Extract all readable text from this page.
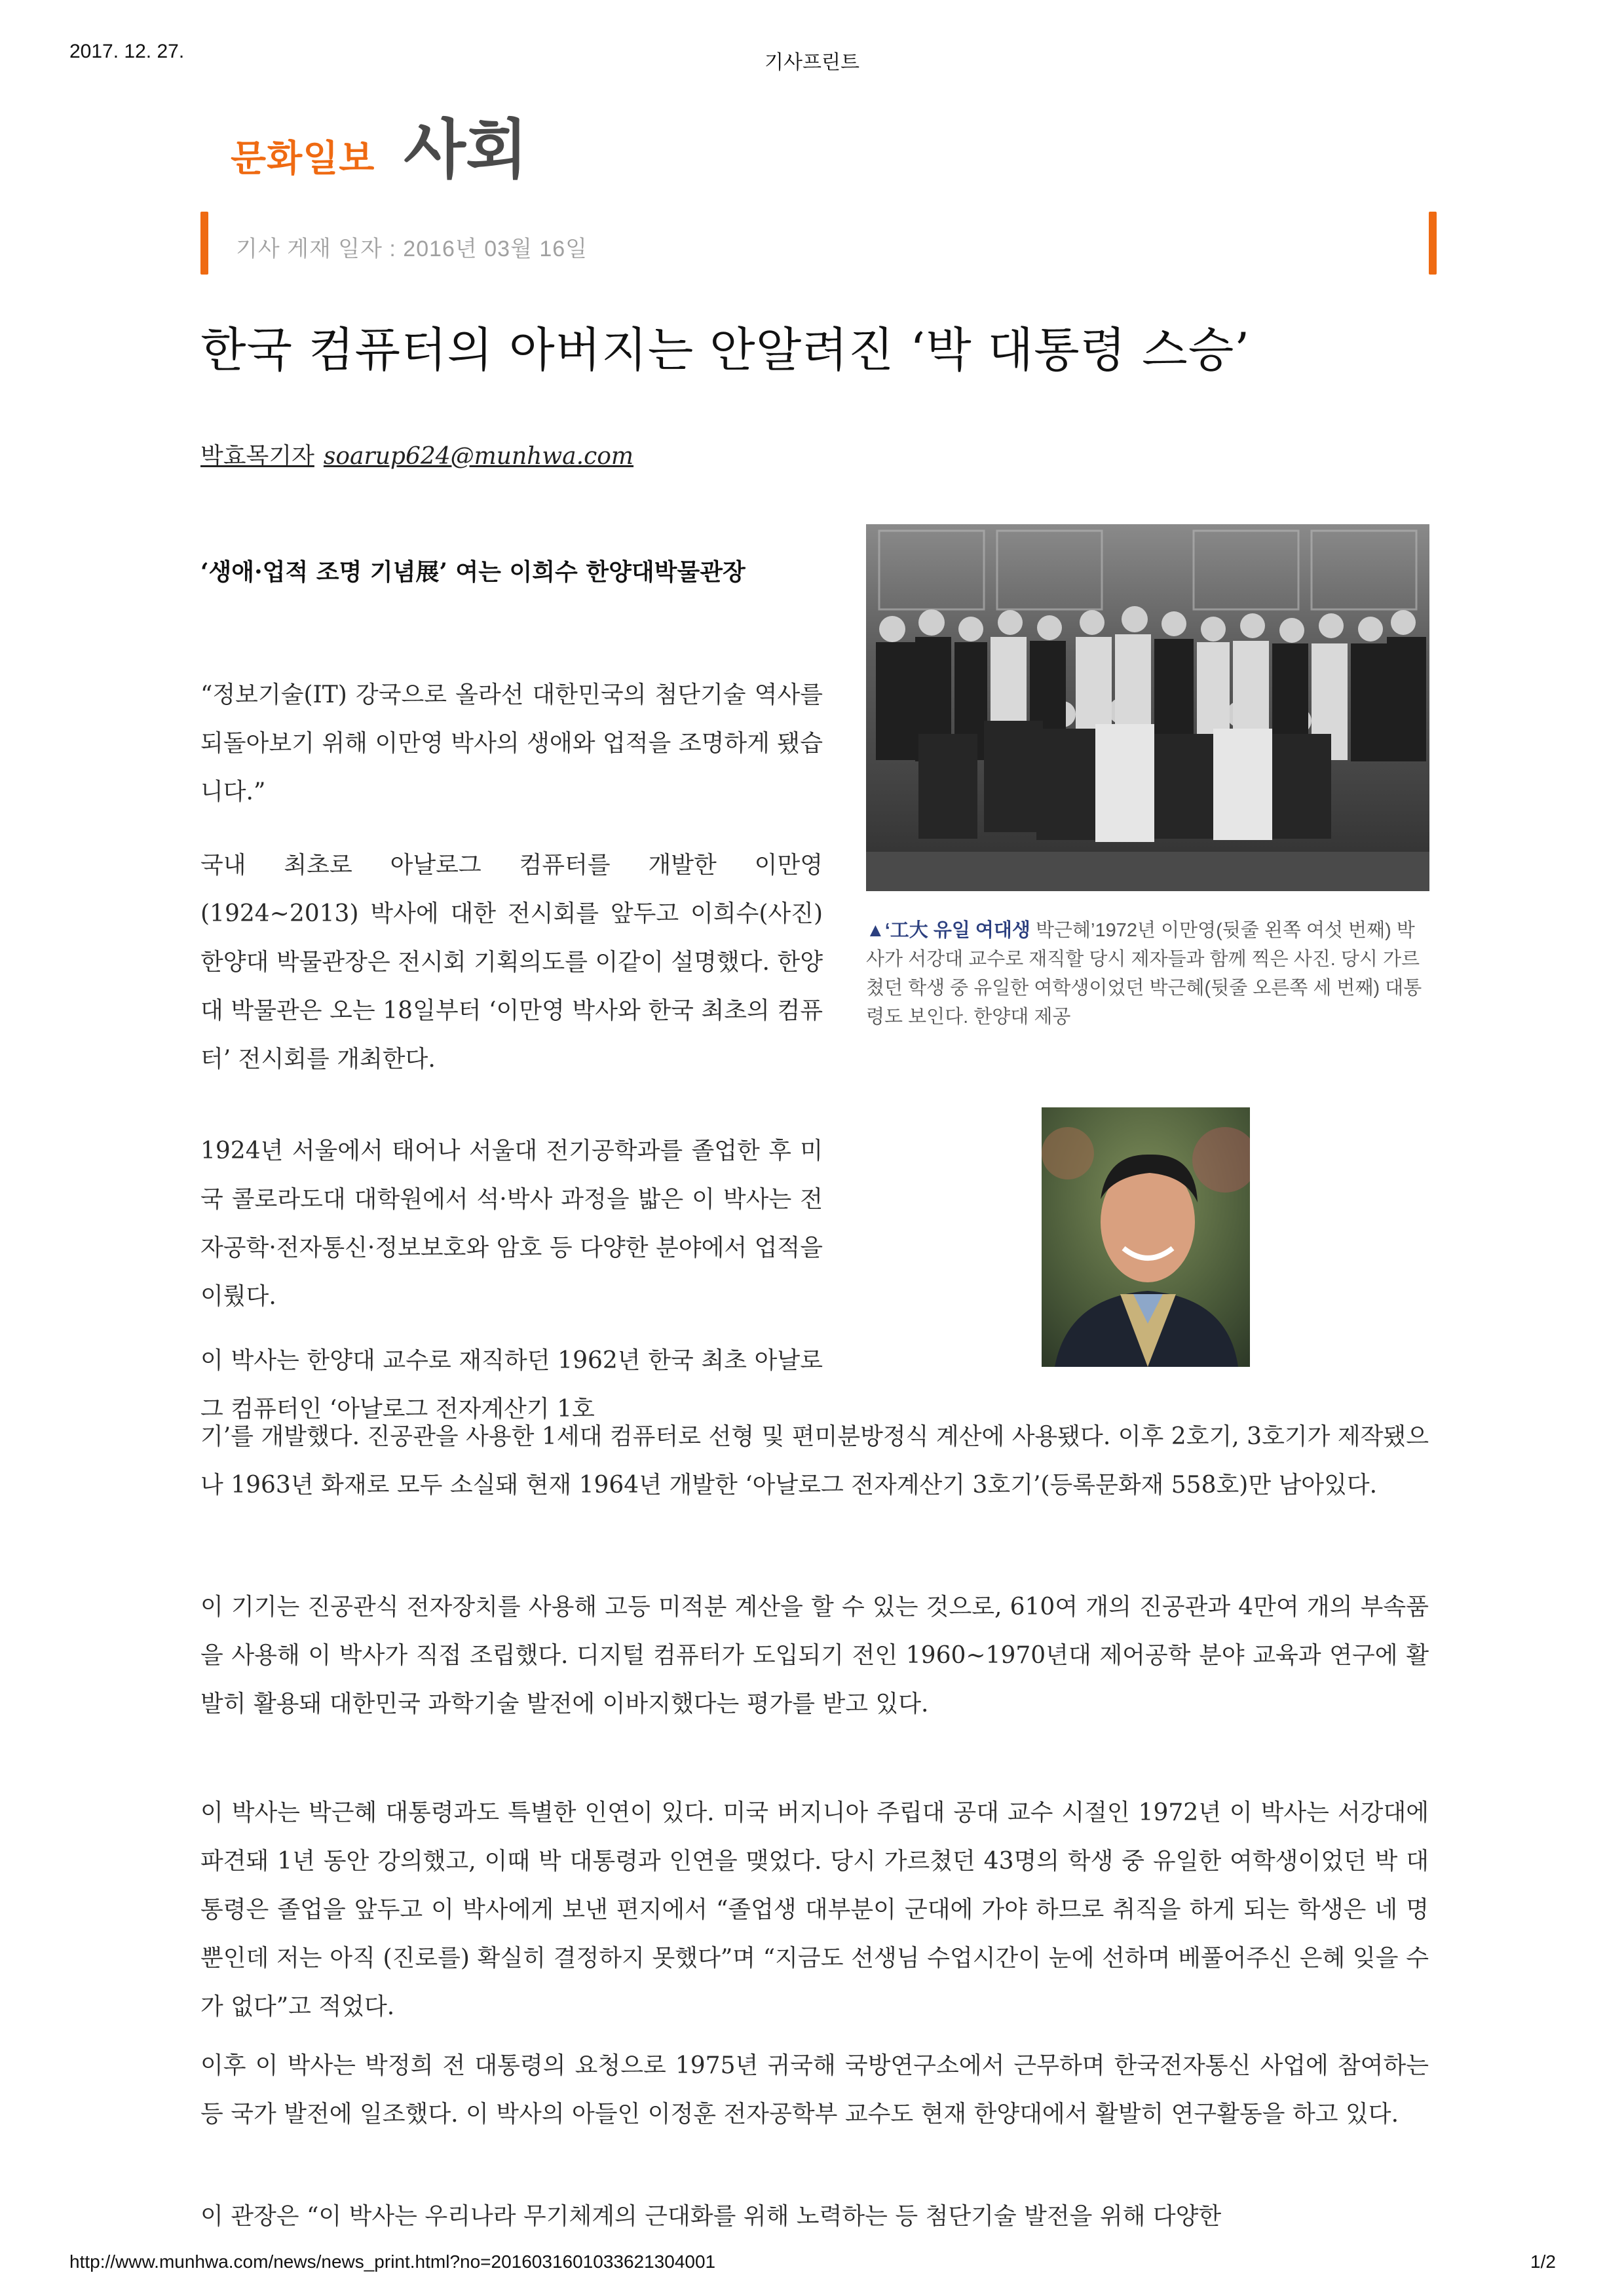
2017. 12. 27.
기사프린트
문화일보 사회
기사 게재 일자 : 2016년 03월 16일
한국 컴퓨터의 아버지는 안알려진 ‘박 대통령 스승’
박효목기자 soarup624@munhwa.com
‘생애·업적 조명 기념展’ 여는 이희수 한양대박물관장
“정보기술(IT) 강국으로 올라선 대한민국의 첨단기술 역사를 되돌아보기 위해 이만영 박사의 생애와 업적을 조명하게 됐습니다.”
국내 최초로 아날로그 컴퓨터를 개발한 이만영(1924∼2013) 박사에 대한 전시회를 앞두고 이희수(사진) 한양대 박물관장은 전시회 기획의도를 이같이 설명했다. 한양대 박물관은 오는 18일부터 ‘이만영 박사와 한국 최초의 컴퓨터’ 전시회를 개최한다.
1924년 서울에서 태어나 서울대 전기공학과를 졸업한 후 미국 콜로라도대 대학원에서 석·박사 과정을 밟은 이 박사는 전자공학·전자통신·정보보호와 암호 등 다양한 분야에서 업적을 이뤘다.
이 박사는 한양대 교수로 재직하던 1962년 한국 최초 아날로그 컴퓨터인 ‘아날로그 전자계산기 1호
기’를 개발했다. 진공관을 사용한 1세대 컴퓨터로 선형 및 편미분방정식 계산에 사용됐다. 이후 2호기, 3호기가 제작됐으나 1963년 화재로 모두 소실돼 현재 1964년 개발한 ‘아날로그 전자계산기 3호기’(등록문화재 558호)만 남아있다.
이 기기는 진공관식 전자장치를 사용해 고등 미적분 계산을 할 수 있는 것으로, 610여 개의 진공관과 4만여 개의 부속품을 사용해 이 박사가 직접 조립했다. 디지털 컴퓨터가 도입되기 전인 1960∼1970년대 제어공학 분야 교육과 연구에 활발히 활용돼 대한민국 과학기술 발전에 이바지했다는 평가를 받고 있다.
이 박사는 박근혜 대통령과도 특별한 인연이 있다. 미국 버지니아 주립대 공대 교수 시절인 1972년 이 박사는 서강대에 파견돼 1년 동안 강의했고, 이때 박 대통령과 인연을 맺었다. 당시 가르쳤던 43명의 학생 중 유일한 여학생이었던 박 대통령은 졸업을 앞두고 이 박사에게 보낸 편지에서 “졸업생 대부분이 군대에 가야 하므로 취직을 하게 되는 학생은 네 명뿐인데 저는 아직 (진로를) 확실히 결정하지 못했다”며 “지금도 선생님 수업시간이 눈에 선하며 베풀어주신 은혜 잊을 수가 없다”고 적었다.
이후 이 박사는 박정희 전 대통령의 요청으로 1975년 귀국해 국방연구소에서 근무하며 한국전자통신 사업에 참여하는 등 국가 발전에 일조했다. 이 박사의 아들인 이정훈 전자공학부 교수도 현재 한양대에서 활발히 연구활동을 하고 있다.
이 관장은 “이 박사는 우리나라 무기체계의 근대화를 위해 노력하는 등 첨단기술 발전을 위해 다양한
▲‘工大 유일 여대생 박근혜’1972년 이만영(뒷줄 왼쪽 여섯 번째) 박사가 서강대 교수로 재직할 당시 제자들과 함께 찍은 사진. 당시 가르쳤던 학생 중 유일한 여학생이었던 박근혜(뒷줄 오른쪽 세 번째) 대통령도 보인다. 한양대 제공
http://www.munhwa.com/news/news_print.html?no=2016031601033621304001	1/2
